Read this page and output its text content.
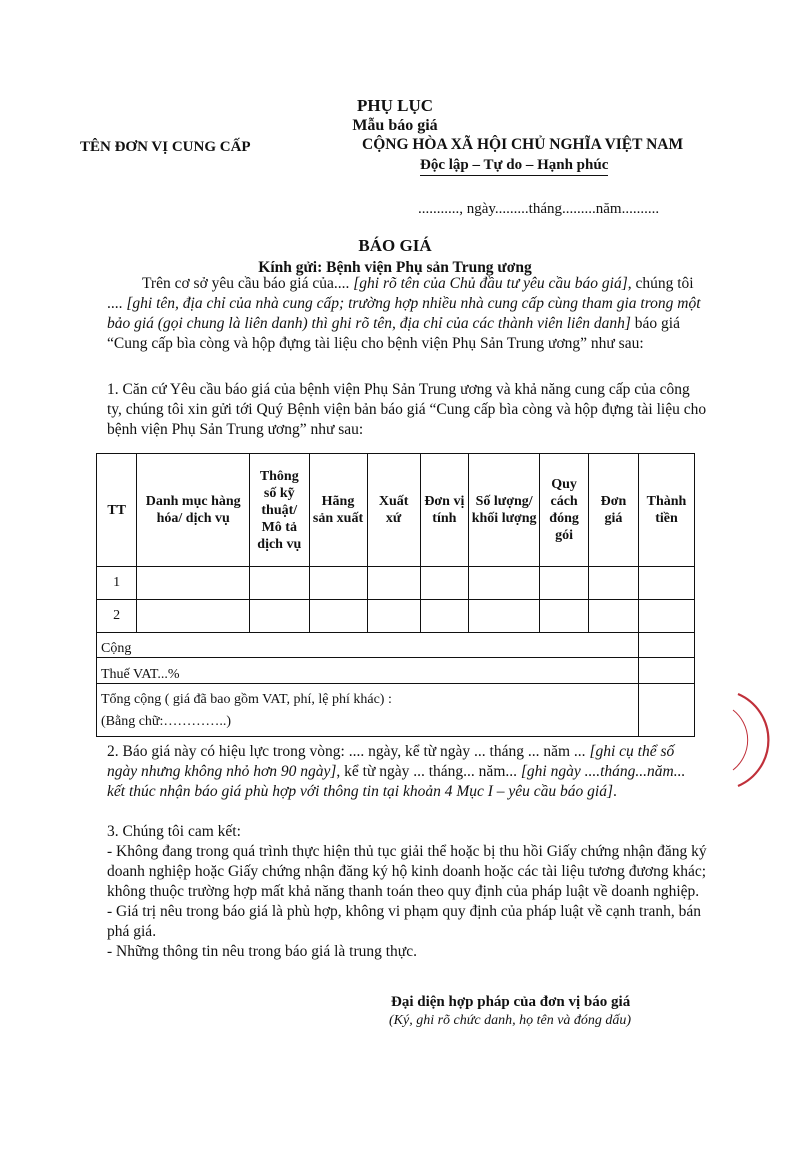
PHỤ LỤC
Mẫu báo giá
TÊN ĐƠN VỊ CUNG CẤP	CỘNG HÒA XÃ HỘI CHỦ NGHĨA VIỆT NAM
Độc lập – Tự do – Hạnh phúc
..........., ngày.........tháng.........năm..........
BÁO GIÁ
Kính gửi: Bệnh viện Phụ sản Trung ương
Trên cơ sở yêu cầu báo giá của.... [ghi rõ tên của Chủ đầu tư yêu cầu báo giá], chúng tôi .... [ghi tên, địa chỉ của nhà cung cấp; trường hợp nhiều nhà cung cấp cùng tham gia trong một bảo giá (gọi chung là liên danh) thì ghi rõ tên, địa chỉ của các thành viên liên danh] báo giá “Cung cấp bìa còng và hộp đựng tài liệu cho bệnh viện Phụ Sản Trung ương” như sau:
1. Căn cứ Yêu cầu báo giá của bệnh viện Phụ Sản Trung ương và khả năng cung cấp của công ty, chúng tôi xin gửi tới Quý Bệnh viện bản báo giá “Cung cấp bìa còng và hộp đựng tài liệu cho bệnh viện Phụ Sản Trung ương” như sau:
TT	Danh mục hàng hóa/ dịch vụ	Thông số kỹ thuật/ Mô tả dịch vụ	Hãng sản xuất	Xuất xứ	Đơn vị tính	Số lượng/ khối lượng	Quy cách đóng gói	Đơn giá	Thành tiền
1									
2									
Cộng									
Thuế VAT...%									

Tổng cộng ( giá đã bao gồm VAT, phí, lệ phí khác) :
(Bằng chữ:…………..)									

2. Báo giá này có hiệu lực trong vòng: .... ngày, kể từ ngày ... tháng ... năm ... [ghi cụ thể số ngày nhưng không nhỏ hơn 90 ngày], kể từ ngày ... tháng... năm... [ghi ngày ....tháng...năm... kết thúc nhận báo giá phù hợp với thông tin tại khoản 4 Mục I – yêu cầu báo giá].
3. Chúng tôi cam kết:
- Không đang trong quá trình thực hiện thủ tục giải thể hoặc bị thu hồi Giấy chứng nhận đăng ký doanh nghiệp hoặc Giấy chứng nhận đăng ký hộ kinh doanh hoặc các tài liệu tương đương khác; không thuộc trường hợp mất khả năng thanh toán theo quy định của pháp luật về doanh nghiệp.
- Giá trị nêu trong báo giá là phù hợp, không vi phạm quy định của pháp luật về cạnh tranh, bán phá giá.
- Những thông tin nêu trong báo giá là trung thực.
Đại diện hợp pháp của đơn vị báo giá
(Ký, ghi rõ chức danh, họ tên và đóng dấu)
